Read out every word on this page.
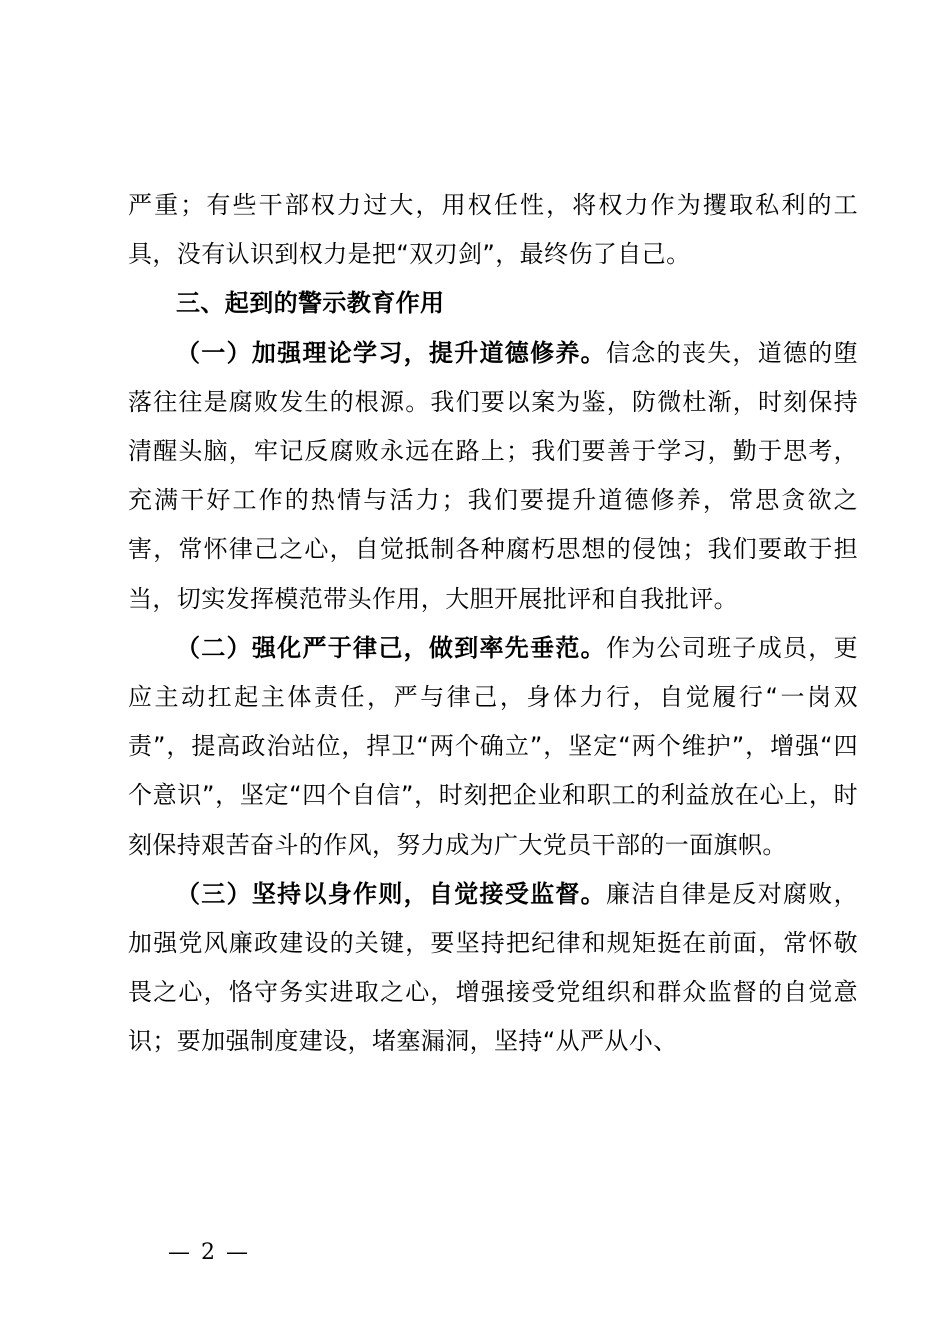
严重；有些干部权力过大，用权任性，将权力作为攫取私利的工具，没有认识到权力是把“双刃剑”，最终伤了自己。

三、起到的警示教育作用

（一）加强理论学习，提升道德修养。信念的丧失，道德的堕落往往是腐败发生的根源。我们要以案为鉴，防微杜渐，时刻保持清醒头脑，牢记反腐败永远在路上；我们要善于学习，勤于思考，充满干好工作的热情与活力；我们要提升道德修养，常思贪欲之害，常怀律己之心，自觉抵制各种腐朽思想的侵蚀；我们要敢于担当，切实发挥模范带头作用，大胆开展批评和自我批评。

（二）强化严于律己，做到率先垂范。作为公司班子成员，更应主动扛起主体责任，严与律己，身体力行，自觉履行“一岗双责”，提高政治站位，捍卫“两个确立”，坚定“两个维护”，增强“四个意识”，坚定“四个自信”，时刻把企业和职工的利益放在心上，时刻保持艰苦奋斗的作风，努力成为广大党员干部的一面旗帜。

（三）坚持以身作则，自觉接受监督。廉洁自律是反对腐败，加强党风廉政建设的关键，要坚持把纪律和规矩挺在前面，常怀敬畏之心，恪守务实进取之心，增强接受党组织和群众监督的自觉意识；要加强制度建设，堵塞漏洞，坚持“从严从小、

— 2 —
